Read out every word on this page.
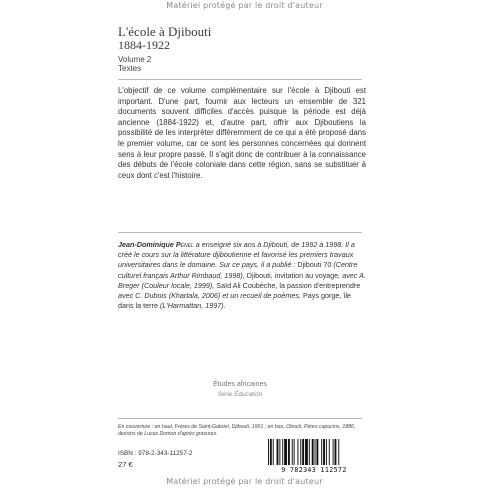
Matériel protégé par le droit d'auteur
L'école à Djibouti
1884-1922
Volume 2
Textes
L'objectif de ce volume complémentaire sur l'école à Djibouti est important. D'une part, fournir aux lecteurs un ensemble de 321 documents souvent difficiles d'accès puisque la période est déjà ancienne (1884-1922) et, d'autre part, offrir aux Djiboutiens la possibilité de les interpréter différemment de ce qui a été proposé dans le premier volume, car ce sont les personnes concernées qui donnent sens à leur propre passé. Il s'agit donc de contribuer à la connaissance des débuts de l'école coloniale dans cette région, sans se substituer à ceux dont c'est l'histoire.
Jean-Dominique Pénel a enseigné six ans à Djibouti, de 1992 à 1998. Il a créé le cours sur la littérature djiboutienne et favorisé les premiers travaux universitaires dans le domaine. Sur ce pays, il a publié : Djibouti 70 (Centre culturel français Arthur Rimbaud, 1998), Djibouti, invitation au voyage, avec A. Breger (Couleur locale, 1999), Saïd Ali Coubèche, la passion d'entreprendre avec C. Dubois (Khartala, 2006) et un recueil de poèmes, Pays gorge, île dans la terre (L'Harmattan, 1997).
Études africaines
Série Éducation
En couverture : en haut, Frères de Saint-Gabriel, Djibouti, 1901 ; en bas, Obock, Pères capucins, 1886, dessins de Lucas Domon d'après gravures.
ISBN : 978-2-343-11257-2
27 €
9 782343 112572
Matériel protégé par le droit d'auteur
